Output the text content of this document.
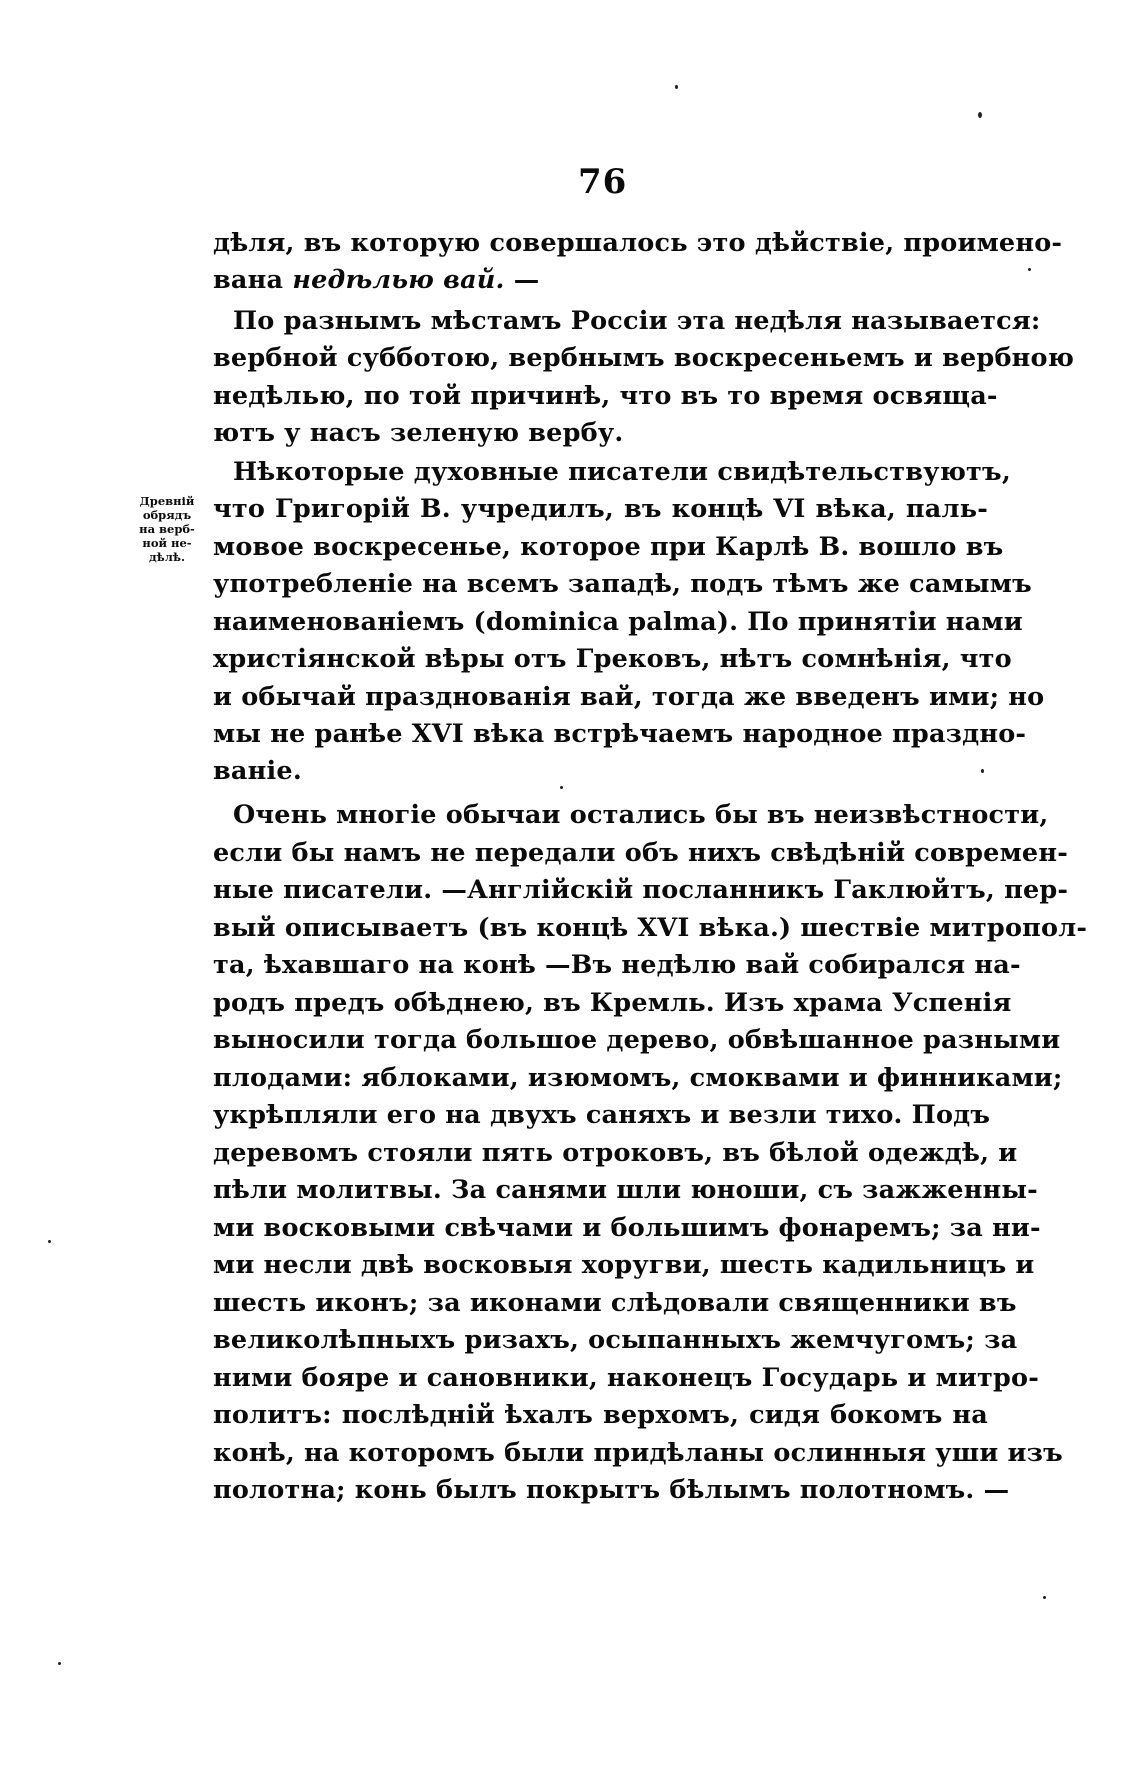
76
Древній
обрядъ
на верб-
ной не-
дѣлѣ.
дѣля, въ которую совершалось это дѣйствіе, проимено-
вана недѣлью вай. —
По разнымъ мѣстамъ Россіи эта недѣля называется:
вербной субботою, вербнымъ воскресеньемъ и вербною
недѣлью, по той причинѣ, что въ то время освяща-
ютъ у насъ зеленую вербу.
Нѣкоторые духовные писатели свидѣтельствуютъ,
что Григорій В. учредилъ, въ концѣ VI вѣка, паль-
мовое воскресенье, которое при Карлѣ В. вошло въ
употребленіе на всемъ западѣ, подъ тѣмъ же самымъ
наименованіемъ (dominica palma). По принятіи нами
христіянской вѣры отъ Грековъ, нѣтъ сомнѣнія, что
и обычай празднованія вай, тогда же введенъ ими; но
мы не ранѣе XVI вѣка встрѣчаемъ народное праздно-
ваніе.
Очень многіе обычаи остались бы въ неизвѣстности,
если бы намъ не передали объ нихъ свѣдѣній современ-
ные писатели. —Англійскій посланникъ Гаклюйтъ, пер-
вый описываетъ (въ концѣ XVI вѣка.) шествіе митропол-
та, ѣхавшаго на конѣ —Въ недѣлю вай собирался на-
родъ предъ обѣднею, въ Кремль. Изъ храма Успенія
выносили тогда большое дерево, обвѣшанное разными
плодами: яблоками, изюмомъ, смоквами и финниками;
укрѣпляли его на двухъ саняхъ и везли тихо. Подъ
деревомъ стояли пять отроковъ, въ бѣлой одеждѣ, и
пѣли молитвы. За санями шли юноши, съ зажженны-
ми восковыми свѣчами и большимъ фонаремъ; за ни-
ми несли двѣ восковыя хоругви, шесть кадильницъ и
шесть иконъ; за иконами слѣдовали священники въ
великолѣпныхъ ризахъ, осыпанныхъ жемчугомъ; за
ними бояре и сановники, наконецъ Государь и митро-
политъ: послѣдній ѣхалъ верхомъ, сидя бокомъ на
конѣ, на которомъ были придѣланы ослинныя уши изъ
полотна; конь былъ покрытъ бѣлымъ полотномъ. —
